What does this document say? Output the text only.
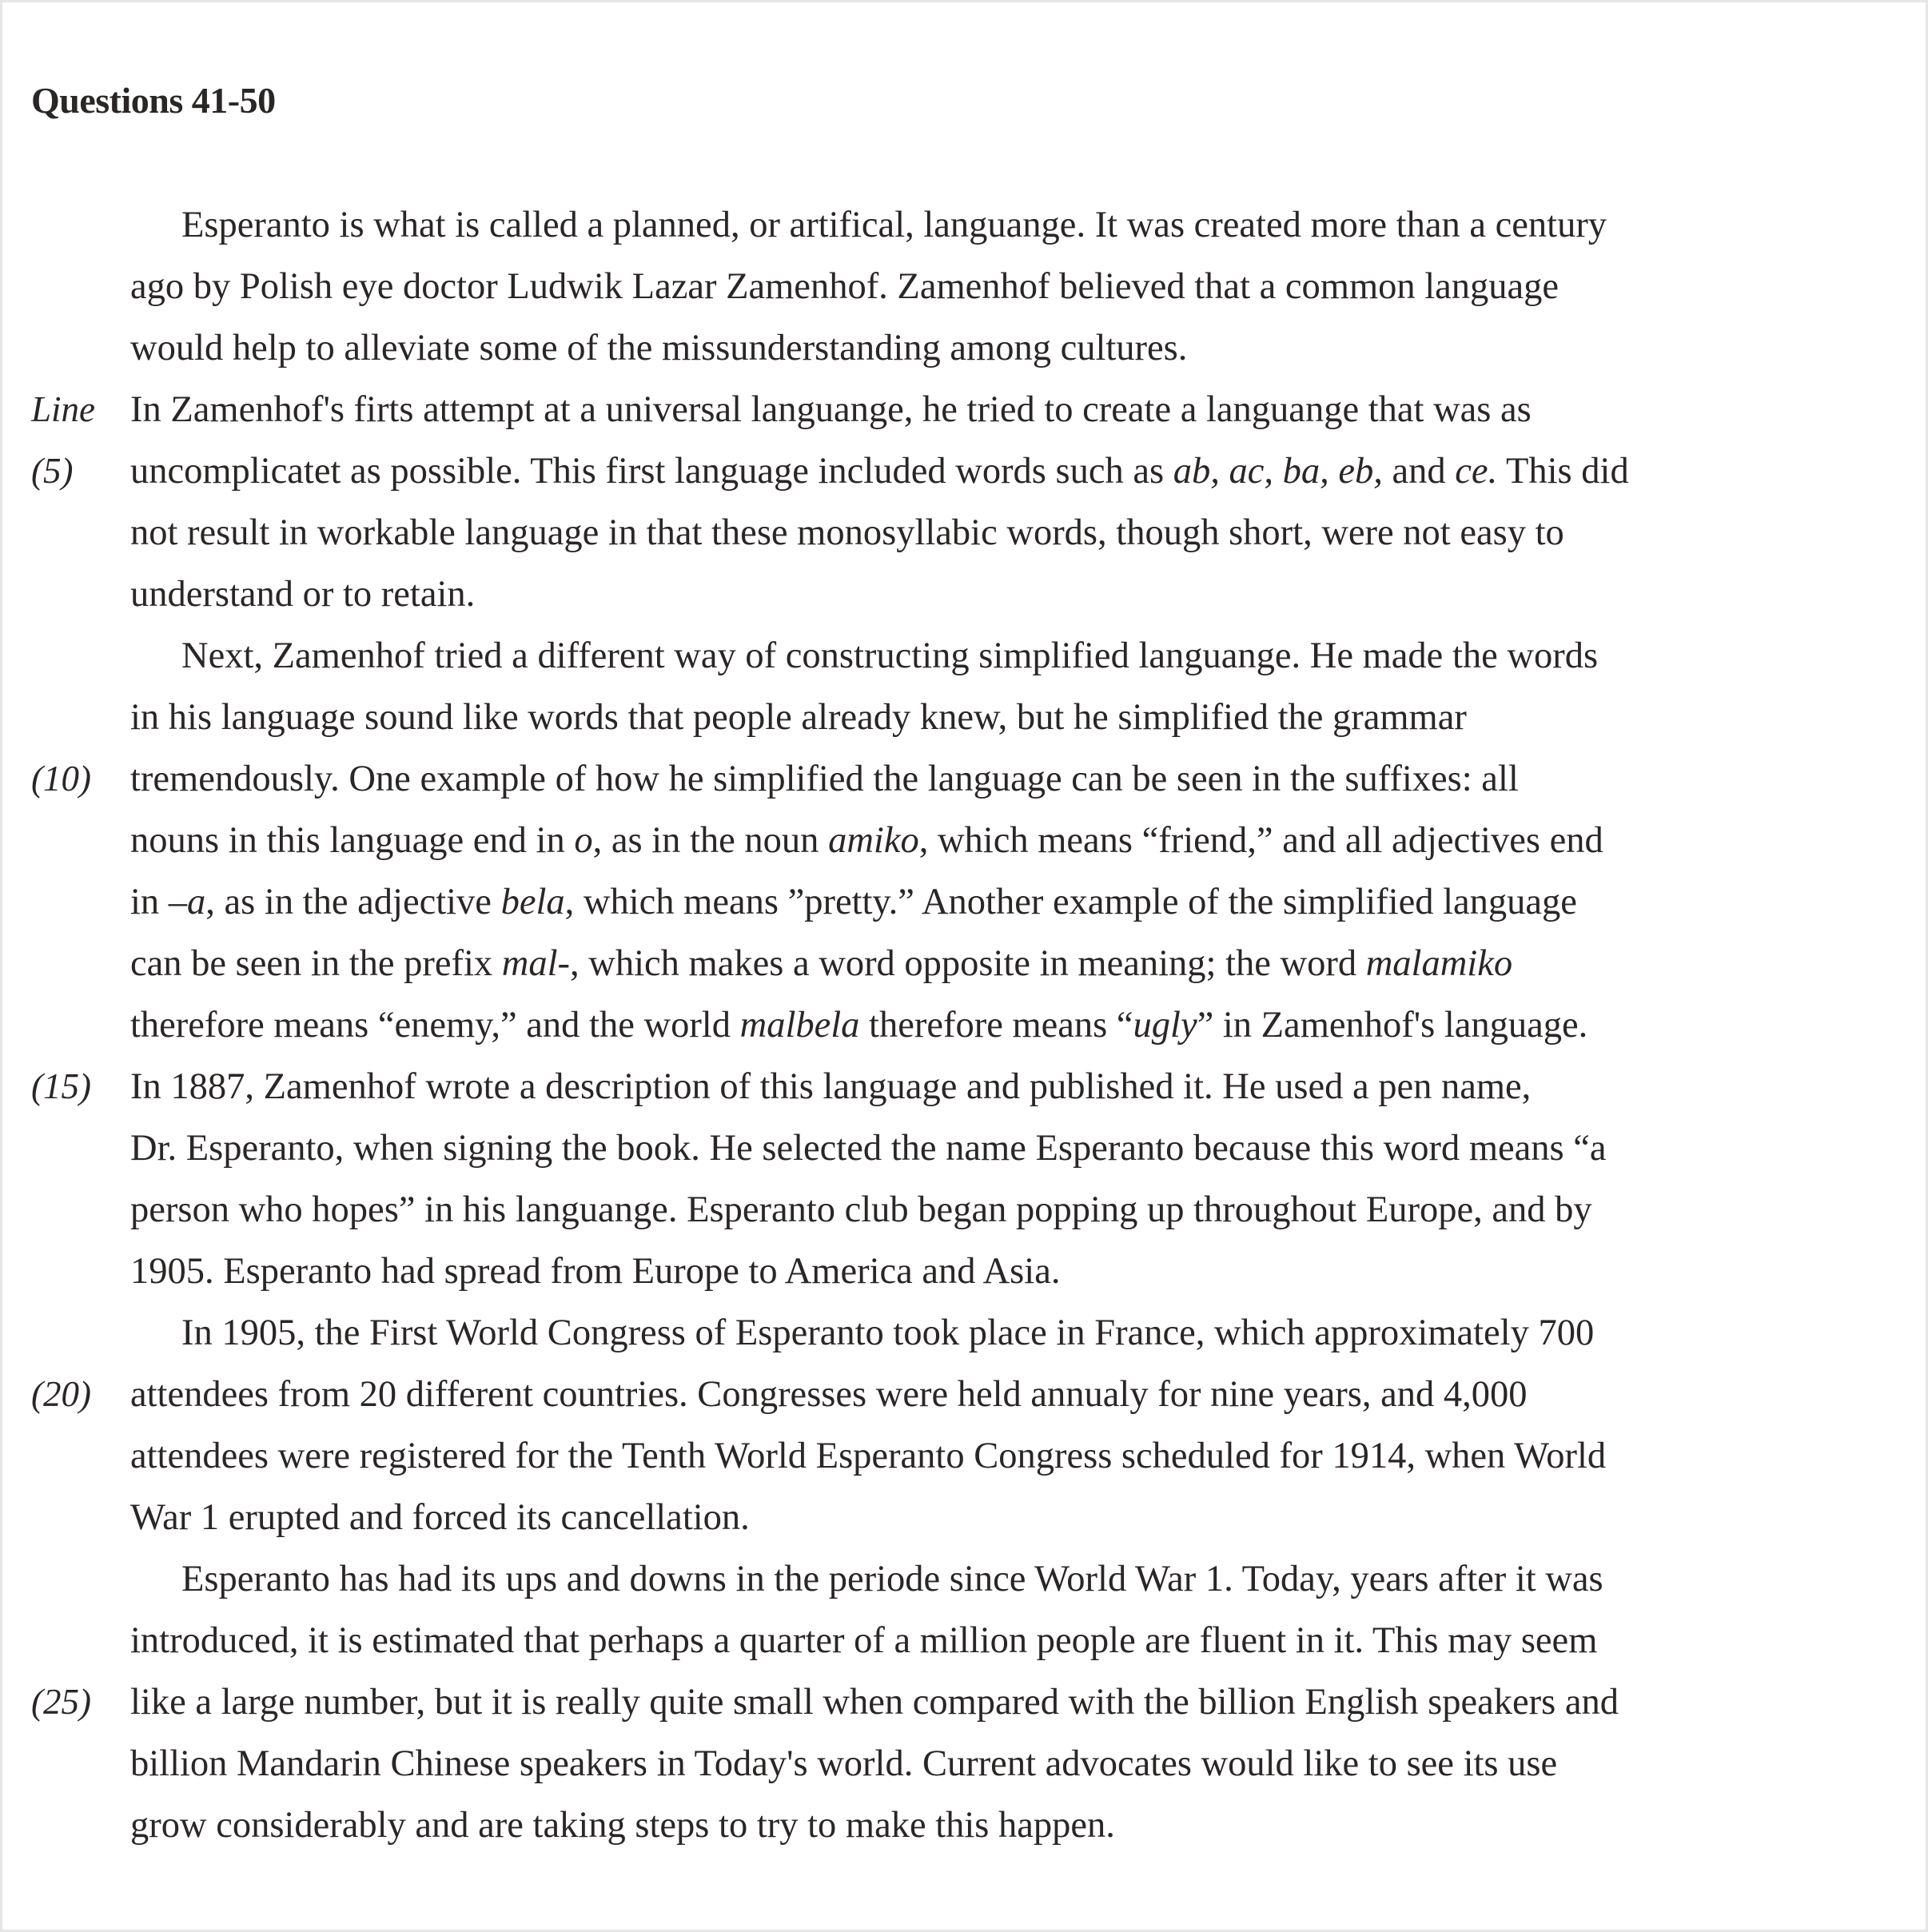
Questions 41-50
Esperanto is what is called a planned, or artifical, languange. It was created more than a century
ago by Polish eye doctor Ludwik Lazar Zamenhof. Zamenhof believed that a common language
would help to alleviate some of the missunderstanding among cultures.
Line In Zamenhof's firts attempt at a universal languange, he tried to create a languange that was as
(5) uncomplicatet as possible. This first language included words such as ab, ac, ba, eb, and ce. This did
not result in workable language in that these monosyllabic words, though short, were not easy to
understand or to retain.
Next, Zamenhof tried a different way of constructing simplified languange. He made the words
in his language sound like words that people already knew, but he simplified the grammar
(10) tremendously. One example of how he simplified the language can be seen in the suffixes: all
nouns in this language end in o, as in the noun amiko, which means “friend,” and all adjectives end
in –a, as in the adjective bela, which means ”pretty.” Another example of the simplified language
can be seen in the prefix mal-, which makes a word opposite in meaning; the word malamiko
therefore means “enemy,” and the world malbela therefore means “ugly” in Zamenhof's language.
(15) In 1887, Zamenhof wrote a description of this language and published it. He used a pen name,
Dr. Esperanto, when signing the book. He selected the name Esperanto because this word means “a
person who hopes” in his languange. Esperanto club began popping up throughout Europe, and by
1905. Esperanto had spread from Europe to America and Asia.
In 1905, the First World Congress of Esperanto took place in France, which approximately 700
(20) attendees from 20 different countries. Congresses were held annualy for nine years, and 4,000
attendees were registered for the Tenth World Esperanto Congress scheduled for 1914, when World
War 1 erupted and forced its cancellation.
Esperanto has had its ups and downs in the periode since World War 1. Today, years after it was
introduced, it is estimated that perhaps a quarter of a million people are fluent in it. This may seem
(25) like a large number, but it is really quite small when compared with the billion English speakers and
billion Mandarin Chinese speakers in Today's world. Current advocates would like to see its use
grow considerably and are taking steps to try to make this happen.
